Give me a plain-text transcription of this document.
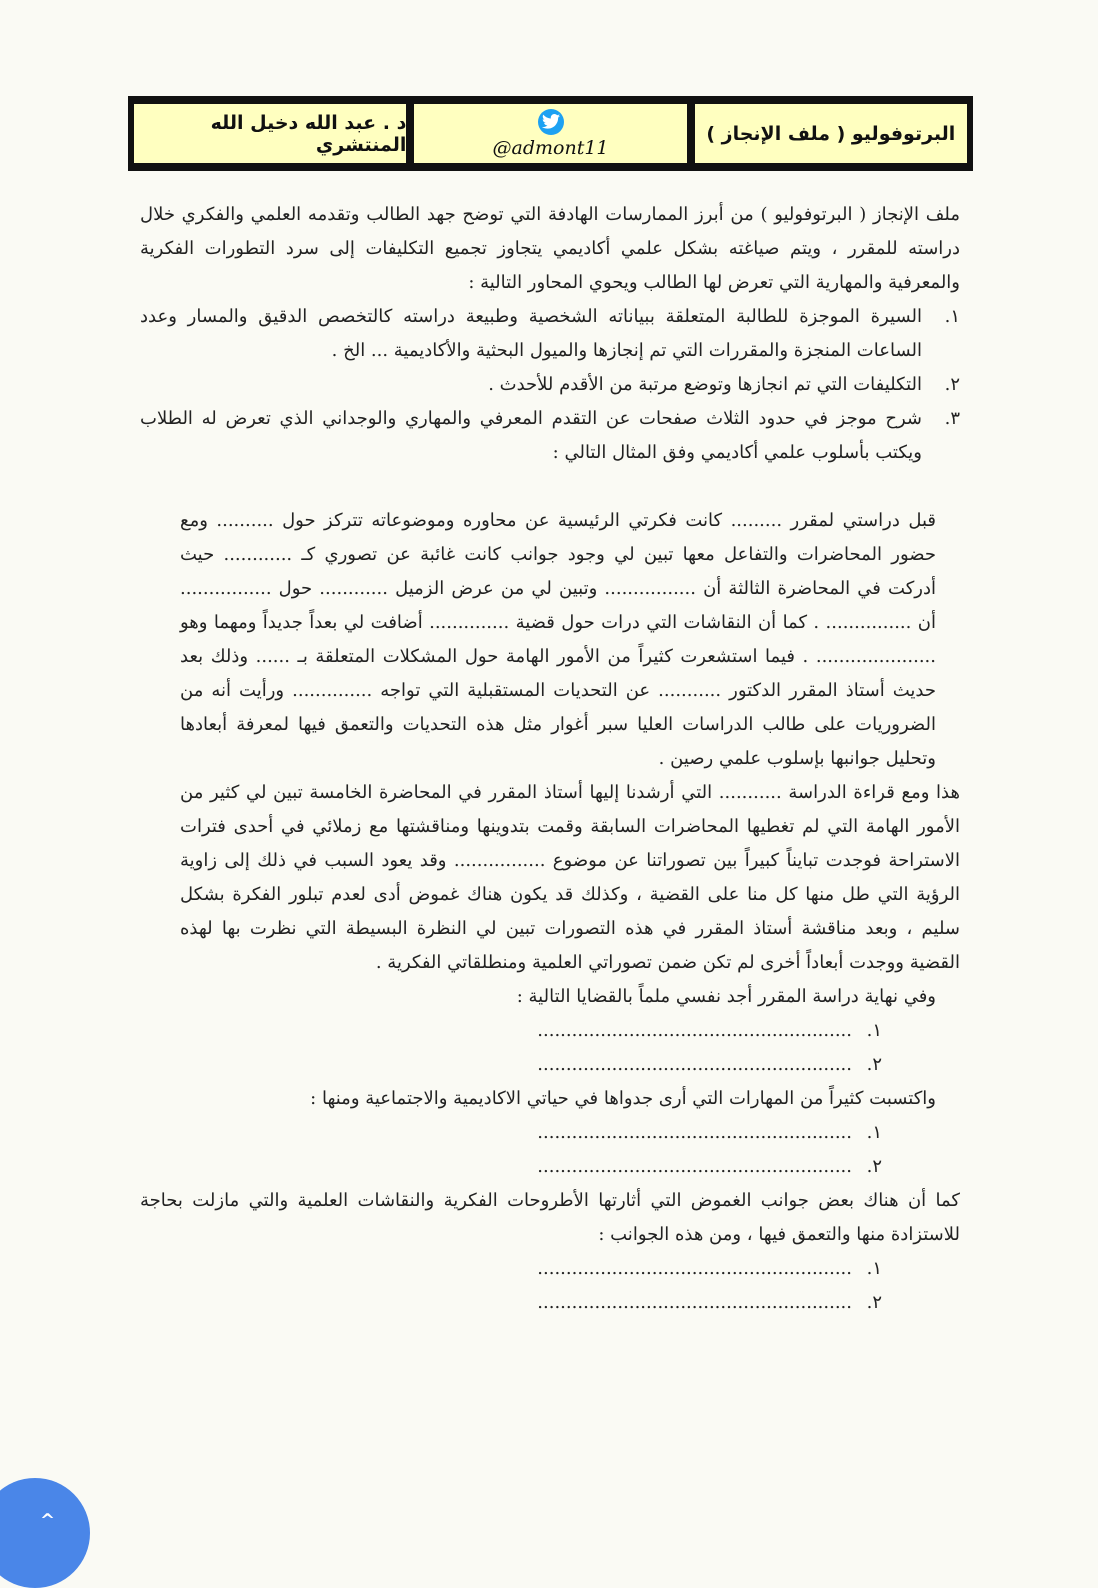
البرتوفوليو ( ملف الإنجاز )
@admont11
د . عبد الله دخيل الله المنتشري

ملف الإنجاز ( البرتوفوليو ) من أبرز الممارسات الهادفة التي توضح جهد الطالب وتقدمه العلمي والفكري خلال دراسته للمقرر ، ويتم صياغته بشكل علمي أكاديمي يتجاوز تجميع التكليفات إلى سرد التطورات الفكرية والمعرفية والمهارية التي تعرض لها الطالب ويحوي المحاور التالية :

١.
السيرة الموجزة للطالبة المتعلقة ببياناته الشخصية وطبيعة دراسته كالتخصص الدقيق والمسار وعدد الساعات المنجزة والمقررات التي تم إنجازها والميول البحثية والأكاديمية ... الخ .
٢.
التكليفات التي تم انجازها وتوضع مرتبة من الأقدم للأحدث .
٣.
شرح موجز في حدود الثلاث صفحات عن التقدم المعرفي والمهاري والوجداني الذي تعرض له الطلاب ويكتب بأسلوب علمي أكاديمي وفق المثال التالي :

قبل دراستي لمقرر ......... كانت فكرتي الرئيسية عن محاوره وموضوعاته تتركز حول .......... ومع حضور المحاضرات والتفاعل معها تبين لي وجود جوانب كانت غائبة عن تصوري كـ ............ حيث أدركت في المحاضرة الثالثة أن ................ وتبين لي من عرض الزميل ............ حول ................ أن ............... . كما أن النقاشات التي درات حول قضية .............. أضافت لي بعداً جديداً ومهما وهو ..................... . فيما استشعرت كثيراً من الأمور الهامة حول المشكلات المتعلقة بـ ...... وذلك بعد حديث أستاذ المقرر الدكتور ........... عن التحديات المستقبلية التي تواجه .............. ورأيت أنه من الضروريات على طالب الدراسات العليا سبر أغوار مثل هذه التحديات والتعمق فيها لمعرفة أبعادها وتحليل جوانبها بإسلوب علمي رصين .

هذا ومع قراءة الدراسة ........... التي أرشدنا إليها أستاذ المقرر في المحاضرة الخامسة تبين لي كثير من الأمور الهامة التي لم تغطيها المحاضرات السابقة وقمت بتدوينها ومناقشتها مع زملائي في أحدى فترات الاستراحة فوجدت تبايناً كبيراً بين تصوراتنا عن موضوع ................ وقد يعود السبب في ذلك إلى زاوية الرؤية التي طل منها كل منا على القضية ، وكذلك قد يكون هناك غموض أدى لعدم تبلور الفكرة بشكل سليم ، وبعد مناقشة أستاذ المقرر في هذه التصورات تبين لي النظرة البسيطة التي نظرت بها لهذه القضية ووجدت أبعاداً أخرى لم تكن ضمن تصوراتي العلمية ومنطلقاتي الفكرية .

وفي نهاية دراسة المقرر أجد نفسي ملماً بالقضايا التالية :

١.
.......................................................
٢.
.......................................................

واكتسبت كثيراً من المهارات التي أرى جدواها في حياتي الاكاديمية والاجتماعية ومنها :

١.
.......................................................
٢.
.......................................................

كما أن هناك بعض جوانب الغموض التي أثارتها الأطروحات الفكرية والنقاشات العلمية والتي مازلت بحاجة للاستزادة منها والتعمق فيها ، ومن هذه الجوانب :

١.
.......................................................
٢.
.......................................................
^
